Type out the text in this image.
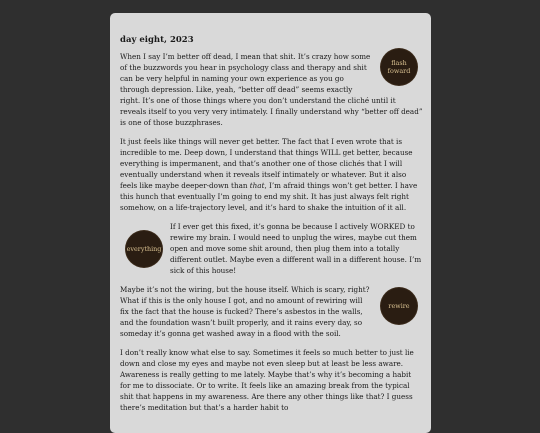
day eight, 2023
flash
foward

When I say I’m better off dead, I mean that shit. It’s crazy how some of the buzzwords you hear in psychology class and therapy and shit can be very helpful in naming your own experience as you go through depression. Like, yeah, “better off dead” seems exactly right. It’s one of those things where you don’t understand the cliché until it reveals itself to you very very intimately. I finally understand why “better off dead” is one of those buzzphrases.

It just feels like things will never get better. The fact that I even wrote that is incredible to me. Deep down, I understand that things WILL get better, because everything is impermanent, and that’s another one of those clichés that I will eventually understand when it reveals itself intimately or whatever. But it also feels like maybe deeper-down than that, I’m afraid things won’t get better. I have this hunch that eventually I’m going to end my shit. It has just always felt right somehow, on a life-trajectory level, and it’s hard to shake the intuition of it all.

everything

If I ever get this fixed, it’s gonna be because I actively WORKED to rewire my brain. I would need to unplug the wires, maybe cut them open and move some shit around, then plug them into a totally different outlet. Maybe even a different wall in a different house. I’m sick of this house!

rewire

Maybe it’s not the wiring, but the house itself. Which is scary, right? What if this is the only house I got, and no amount of rewiring will fix the fact that the house is fucked? There’s asbestos in the walls, and the foundation wasn’t built properly, and it rains every day, so someday it’s gonna get washed away in a flood with the soil.

I don’t really know what else to say. Sometimes it feels so much better to just lie down and close my eyes and maybe not even sleep but at least be less aware. Awareness is really getting to me lately. Maybe that’s why it’s becoming a habit for me to dissociate. Or to write. It feels like an amazing break from the typical shit that happens in my awareness. Are there any other things like that? I guess there’s meditation but that’s a harder habit to
